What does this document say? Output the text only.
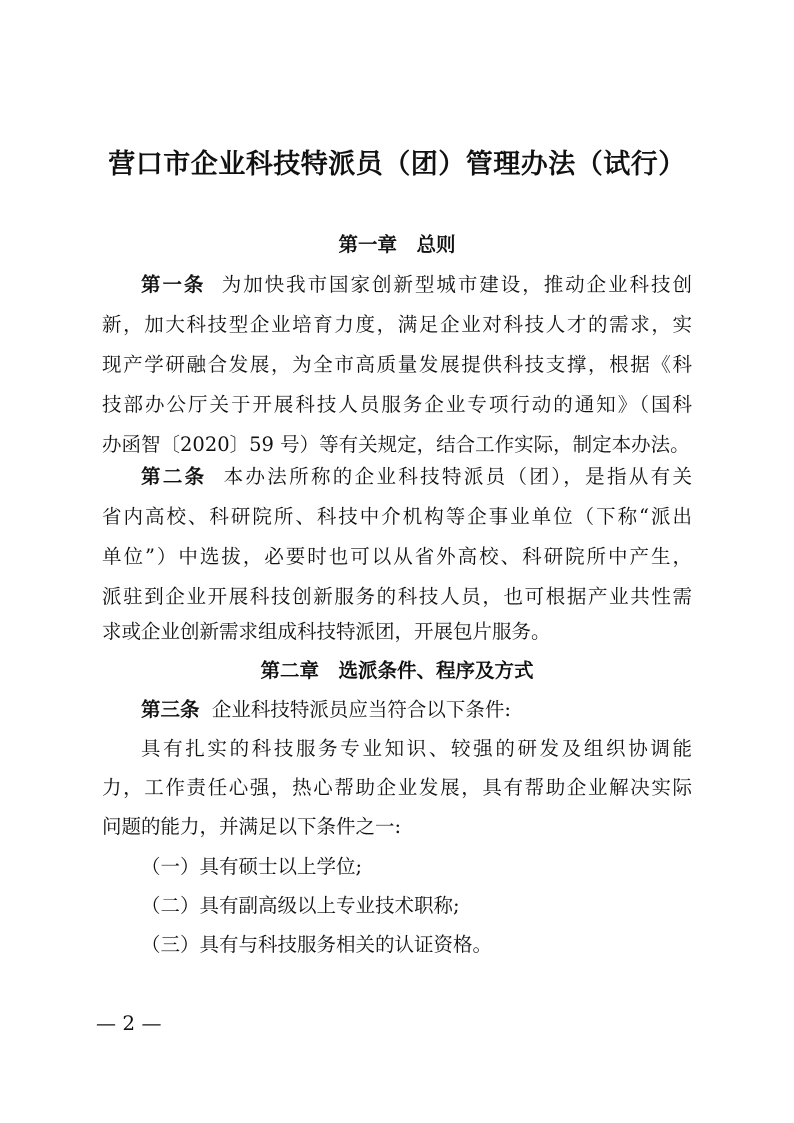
营口市企业科技特派员（团）管理办法（试行）
第一章　总则
第一条 为加快我市国家创新型城市建设，推动企业科技创
新，加大科技型企业培育力度，满足企业对科技人才的需求，实
现产学研融合发展，为全市高质量发展提供科技支撑，根据《科
技部办公厅关于开展科技人员服务企业专项行动的通知》（国科
办函智〔2020〕59 号）等有关规定，结合工作实际，制定本办法。
第二条 本办法所称的企业科技特派员（团），是指从有关
省内高校、科研院所、科技中介机构等企事业单位（下称“派出
单位”）中选拔，必要时也可以从省外高校、科研院所中产生，
派驻到企业开展科技创新服务的科技人员，也可根据产业共性需
求或企业创新需求组成科技特派团，开展包片服务。
第二章　选派条件、程序及方式
第三条 企业科技特派员应当符合以下条件:
具有扎实的科技服务专业知识、较强的研发及组织协调能
力，工作责任心强，热心帮助企业发展，具有帮助企业解决实际
问题的能力，并满足以下条件之一:
（一）具有硕士以上学位;
（二）具有副高级以上专业技术职称;
（三）具有与科技服务相关的认证资格。
— 2 —
